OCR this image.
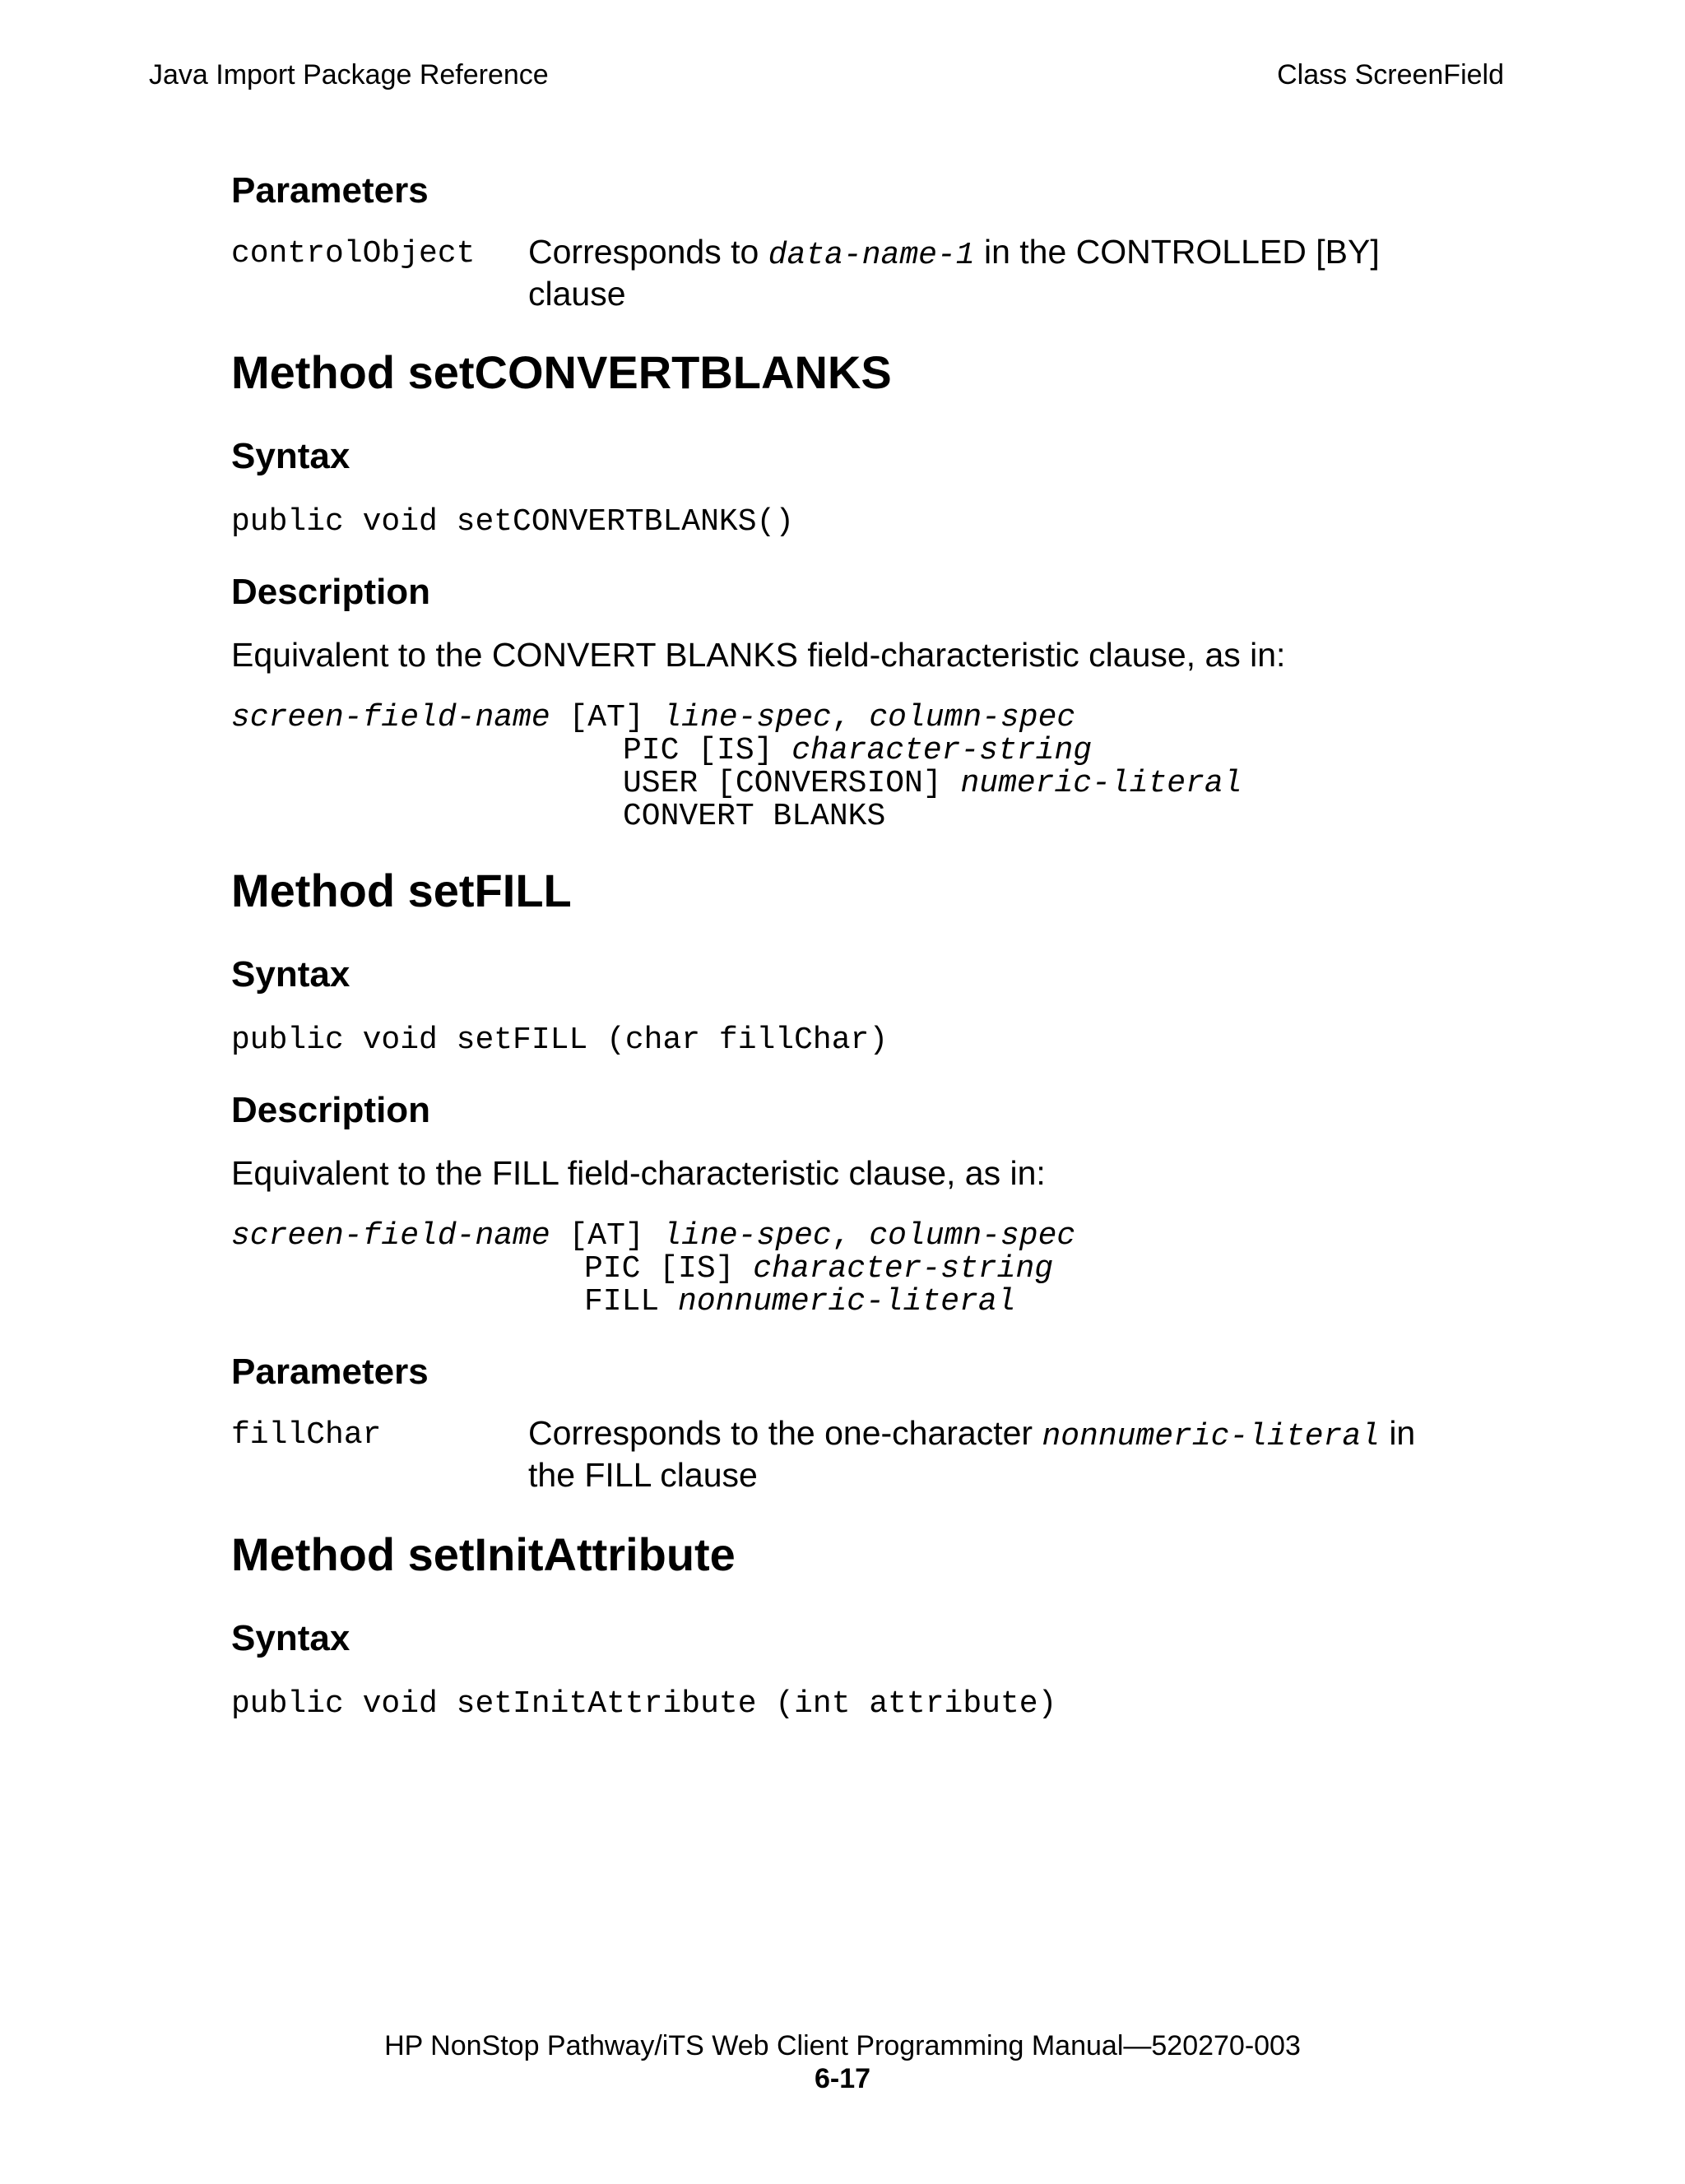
Java Import Package Reference	Class ScreenField
Parameters
controlObject Corresponds to data-name-1 in the CONTROLLED [BY]
clause
Method setCONVERTBLANKS
Syntax
public void setCONVERTBLANKS()
Description
Equivalent to the CONVERT BLANKS field-characteristic clause, as in:
screen-field-name [AT] line-spec, column-spec
PIC [IS] character-string
USER [CONVERSION] numeric-literal
CONVERT BLANKS
Method setFILL
Syntax
public void setFILL (char fillChar)
Description
Equivalent to the FILL field-characteristic clause, as in:
screen-field-name [AT] line-spec, column-spec
PIC [IS] character-string
FILL nonnumeric-literal
Parameters
fillChar	Corresponds to the one-character nonnumeric-literal in
the FILL clause
Method setInitAttribute
Syntax
public void setInitAttribute (int attribute)
HP NonStop Pathway/iTS Web Client Programming Manual—520270-003
6-17
